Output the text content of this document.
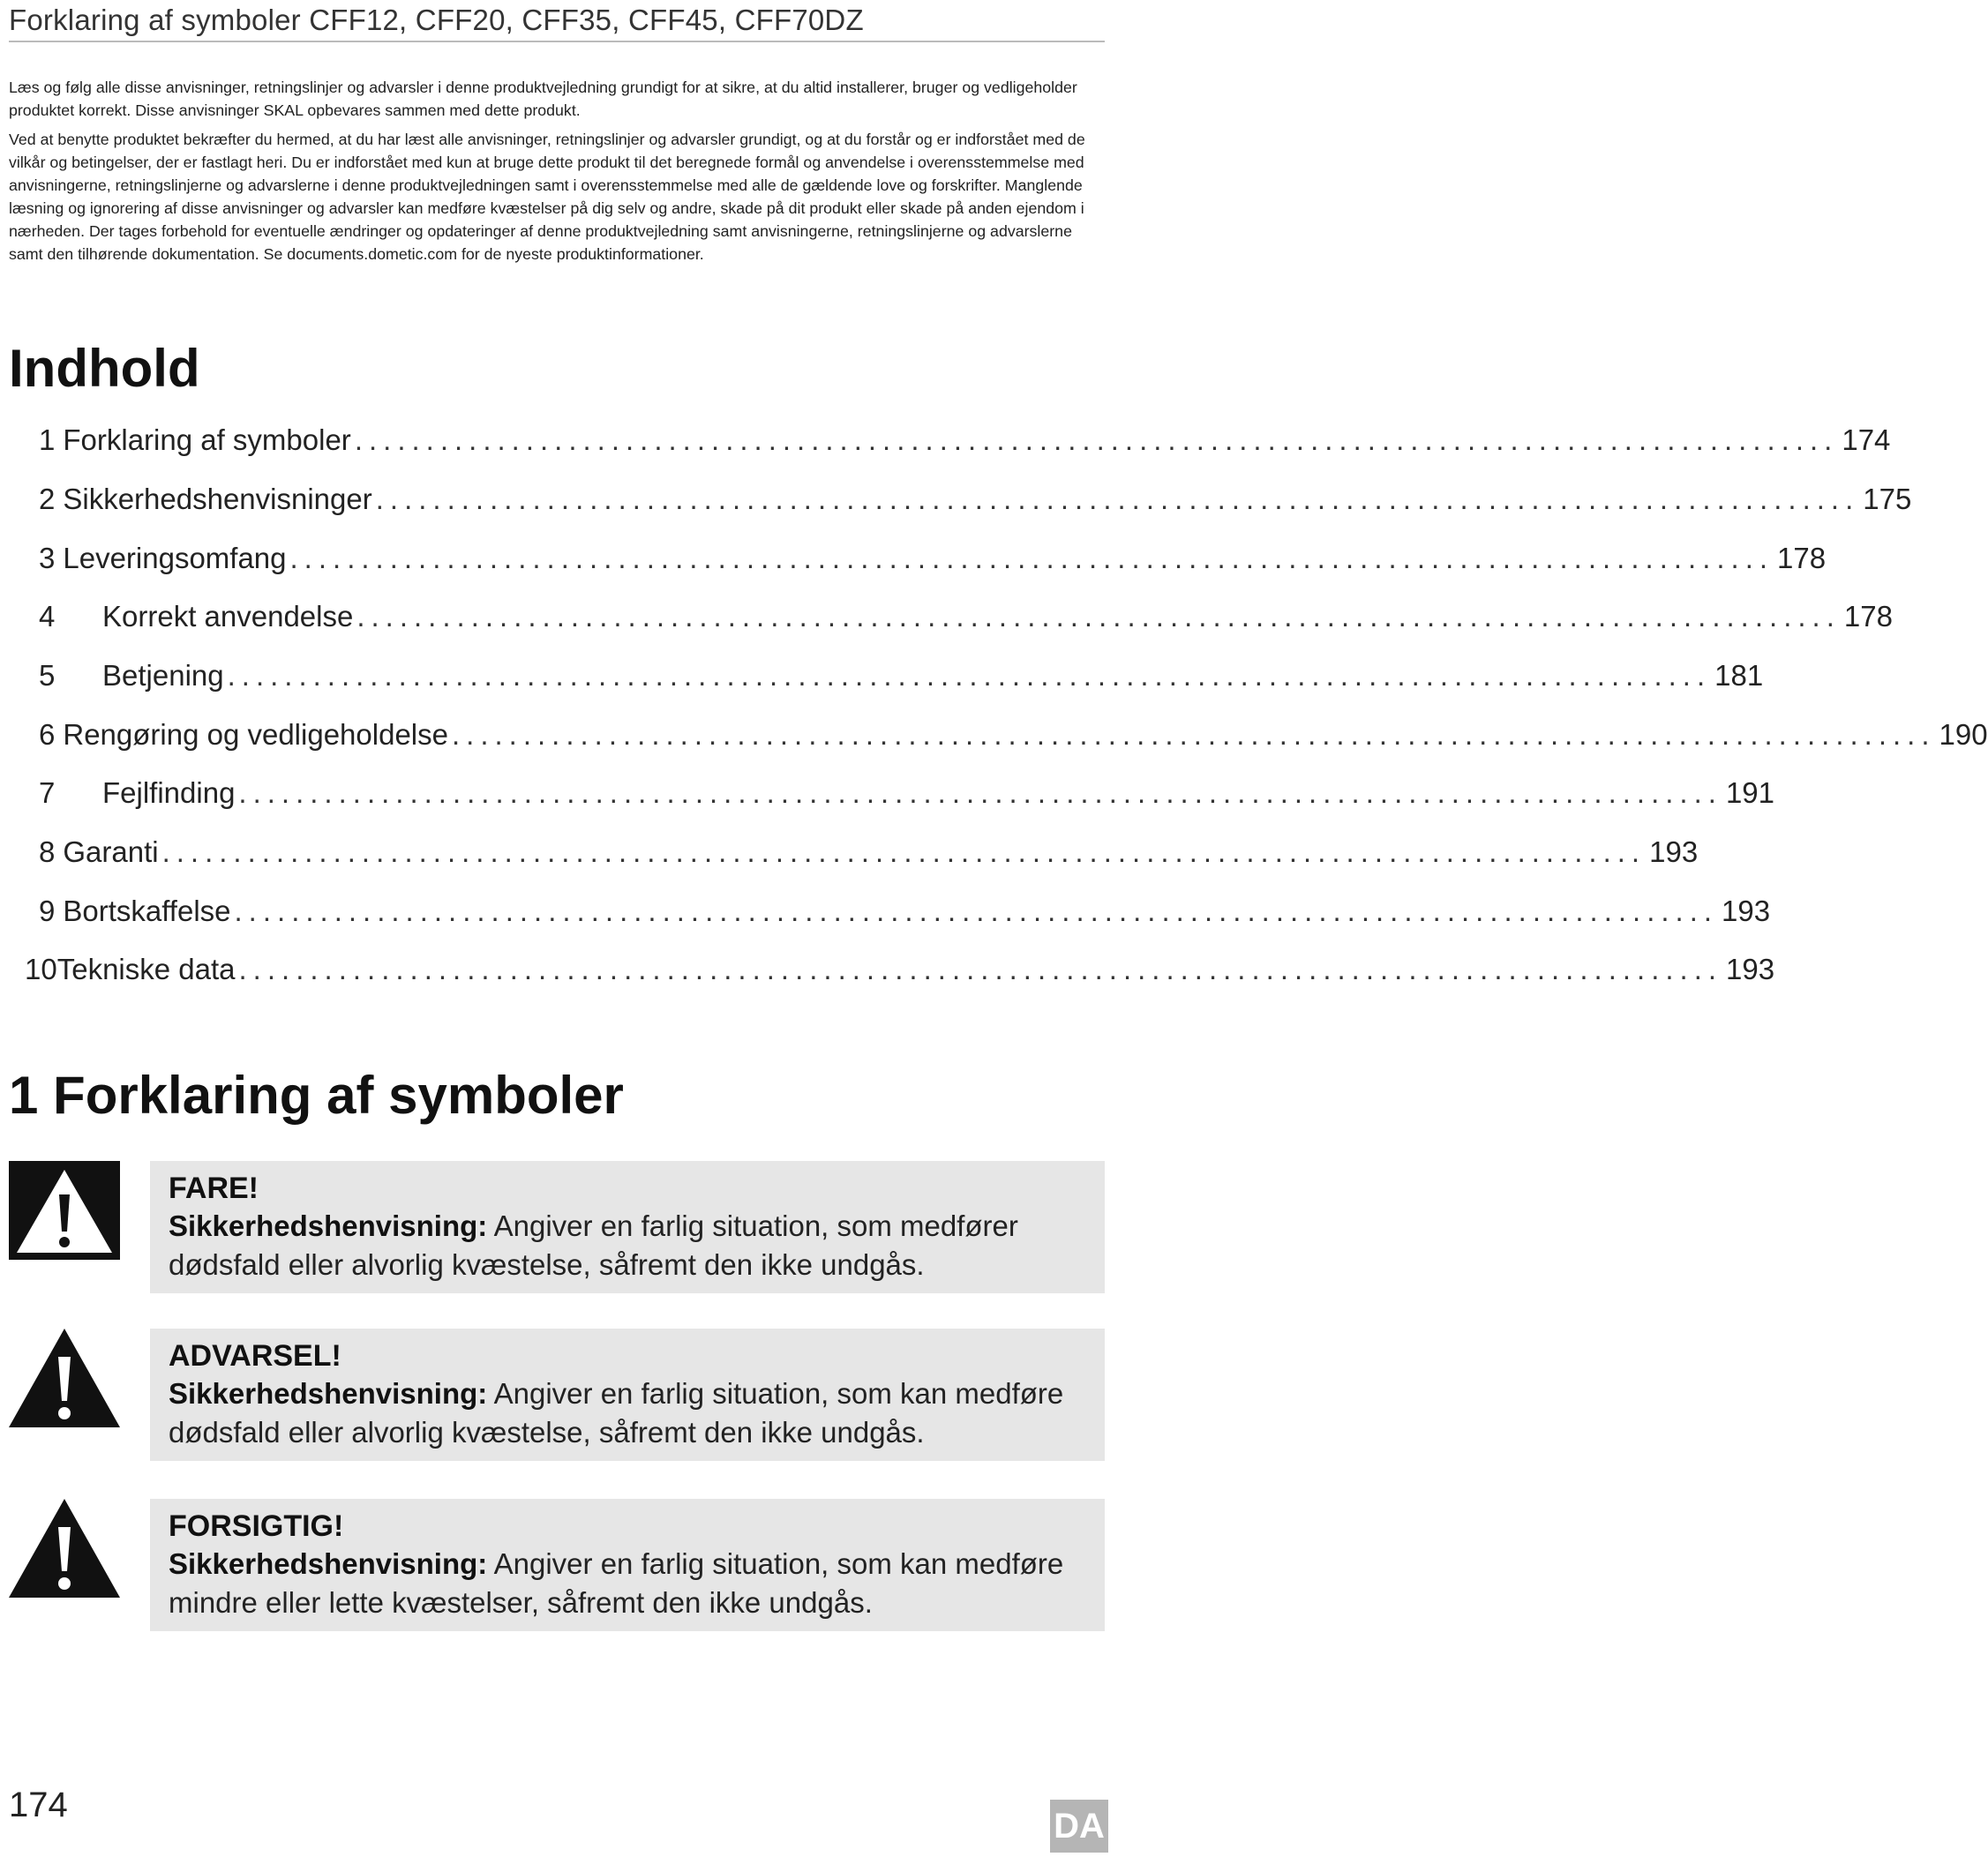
Forklaring af symboler CFF12, CFF20, CFF35, CFF45, CFF70DZ
Læs og følg alle disse anvisninger, retningslinjer og advarsler i denne produktvejledning grundigt for at sikre, at du altid installerer, bruger og vedligeholder produktet korrekt. Disse anvisninger SKAL opbevares sammen med dette produkt.
Ved at benytte produktet bekræfter du hermed, at du har læst alle anvisninger, retningslinjer og advarsler grundigt, og at du forstår og er indforstået med de vilkår og betingelser, der er fastlagt heri. Du er indforstået med kun at bruge dette produkt til det beregnede formål og anvendelse i overensstemmelse med anvisningerne, retningslinjerne og advarslerne i denne produktvejledningen samt i overensstemmelse med alle de gældende love og forskrifter. Manglende læsning og ignorering af disse anvisninger og advarsler kan medføre kvæstelser på dig selv og andre, skade på dit produkt eller skade på anden ejendom i nærheden. Der tages forbehold for eventuelle ændringer og opdateringer af denne produktvejledning samt anvisningerne, retningslinjerne og advarslerne samt den tilhørende dokumentation. Se documents.dometic.com for de nyeste produktinformationer.
Indhold
1 Forklaring af symboler ........................................................................................................ 174
2 Sikkerhedshenvisninger ........................................................................................................ 175
3 Leveringsomfang ........................................................................................................ 178
4	Korrekt anvendelse ........................................................................................................ 178
5	Betjening ........................................................................................................ 181
6 Rengøring og vedligeholdelse ........................................................................................................ 190
7	Fejlfinding ........................................................................................................ 191
8 Garanti ........................................................................................................ 193
9 Bortskaffelse ........................................................................................................ 193
10 Tekniske data ........................................................................................................ 193
1 Forklaring af symboler
FARE!
Sikkerhedshenvisning: Angiver en farlig situation, som medfører dødsfald eller alvorlig kvæstelse, såfremt den ikke undgås.
ADVARSEL!
Sikkerhedshenvisning: Angiver en farlig situation, som kan medføre dødsfald eller alvorlig kvæstelse, såfremt den ikke undgås.
FORSIGTIG!
Sikkerhedshenvisning: Angiver en farlig situation, som kan medføre mindre eller lette kvæstelser, såfremt den ikke undgås.
174
DA
